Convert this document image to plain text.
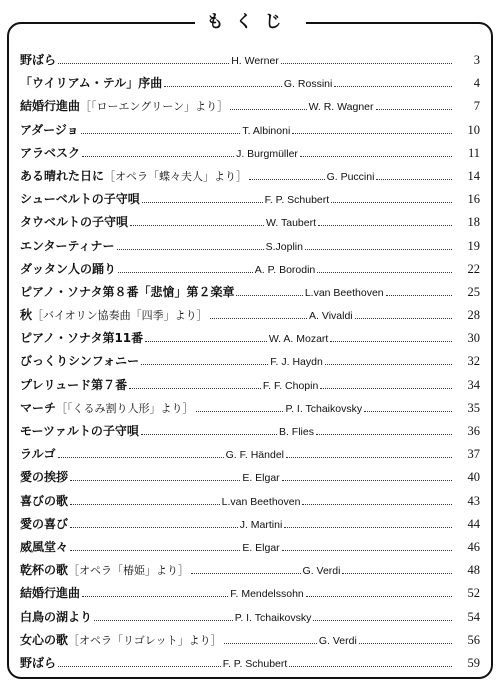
もくじ
野ばら	H. Werner	3
「ウイリアム・テル」序曲	G. Rossini	4
結婚行進曲［「ローエングリーン」より］	W. R. Wagner	7
アダージョ	T. Albinoni	10
アラベスク	J. Burgmüller	11
ある晴れた日に［オペラ「蝶々夫人」より］	G. Puccini	14
シューベルトの子守唄	F. P. Schubert	16
タウベルトの子守唄	W. Taubert	18
エンターティナー	S.Joplin	19
ダッタン人の踊り	A. P. Borodin	22
ピアノ・ソナタ第８番「悲愴」第２楽章	L.van Beethoven	25
秋［バイオリン協奏曲「四季」より］	A. Vivaldi	28
ピアノ・ソナタ第11番	W. A. Mozart	30
びっくりシンフォニー	F. J. Haydn	32
プレリュード第７番	F. F. Chopin	34
マーチ［「くるみ割り人形」より］	P. I. Tchaikovsky	35
モーツァルトの子守唄	B. Flies	36
ラルゴ	G. F. Händel	37
愛の挨拶	E. Elgar	40
喜びの歌	L.van Beethoven	43
愛の喜び	J. Martini	44
威風堂々	E. Elgar	46
乾杯の歌［オペラ「椿姫」より］	G. Verdi	48
結婚行進曲	F. Mendelssohn	52
白鳥の湖より	P. I. Tchaikovsky	54
女心の歌［オペラ「リゴレット」より］	G. Verdi	56
野ばら	F. P. Schubert	59
